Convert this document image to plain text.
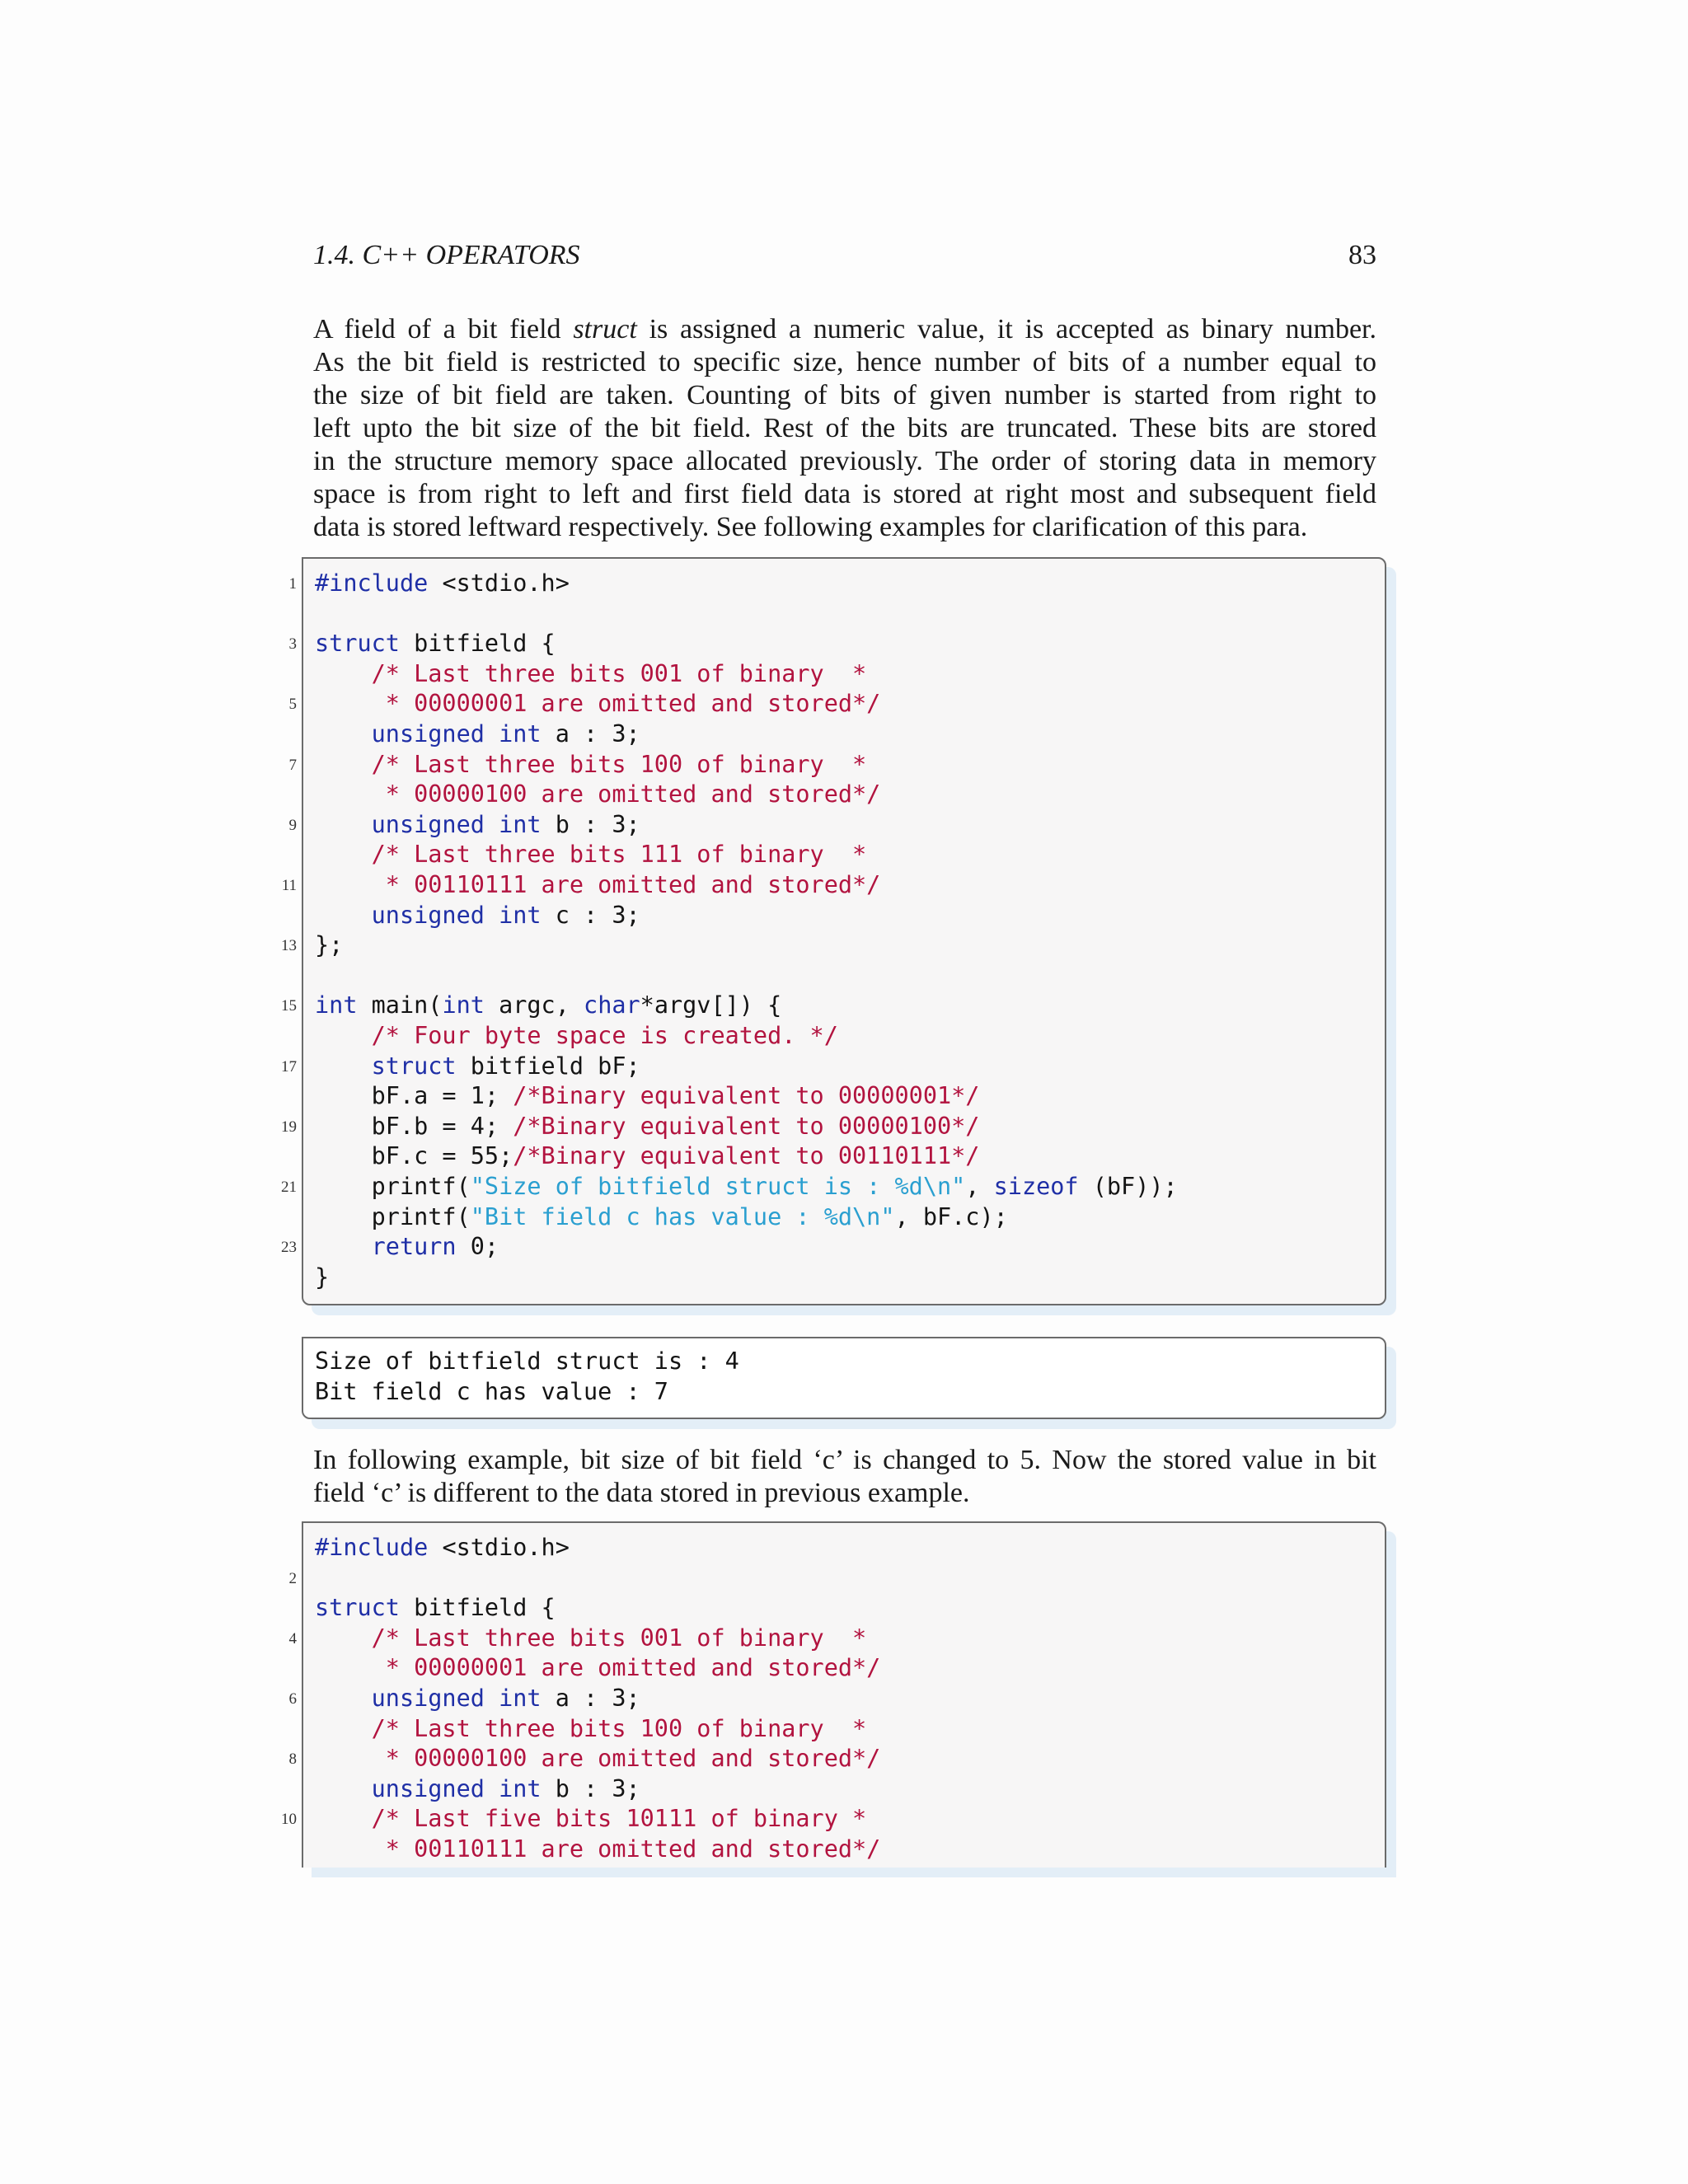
1.4. C++ OPERATORS	83
A field of a bit field struct is assigned a numeric value, it is accepted as binary number.
As the bit field is restricted to specific size, hence number of bits of a number equal to
the size of bit field are taken. Counting of bits of given number is started from right to
left upto the bit size of the bit field. Rest of the bits are truncated. These bits are stored
in the structure memory space allocated previously. The order of storing data in memory
space is from right to left and first field data is stored at right most and subsequent field
data is stored leftward respectively. See following examples for clarification of this para.
#include <stdio.h>
struct bitfield {
/* Last three bits 001 of binary  *
* 00000001 are omitted and stored*/
unsigned int a : 3;
/* Last three bits 100 of binary  *
* 00000100 are omitted and stored*/
unsigned int b : 3;
/* Last three bits 111 of binary  *
* 00110111 are omitted and stored*/
unsigned int c : 3;
};
int main(int argc, char*argv[]) {
/* Four byte space is created. */
struct bitfield bF;
bF.a = 1; /*Binary equivalent to 00000001*/
bF.b = 4; /*Binary equivalent to 00000100*/
bF.c = 55;/*Binary equivalent to 00110111*/
printf("Size of bitfield struct is : %d\n", sizeof (bF));
printf("Bit field c has value : %d\n", bF.c);
return 0;
}
1
3
5
7
9
11
13
15
17
19
21
23
Size of bitfield struct is : 4
Bit field c has value : 7
In following example, bit size of bit field ‘c’ is changed to 5. Now the stored value in bit
field ‘c’ is different to the data stored in previous example.
#include <stdio.h>
struct bitfield {
/* Last three bits 001 of binary  *
* 00000001 are omitted and stored*/
unsigned int a : 3;
/* Last three bits 100 of binary  *
* 00000100 are omitted and stored*/
unsigned int b : 3;
/* Last five bits 10111 of binary *
* 00110111 are omitted and stored*/
2
4
6
8
10
